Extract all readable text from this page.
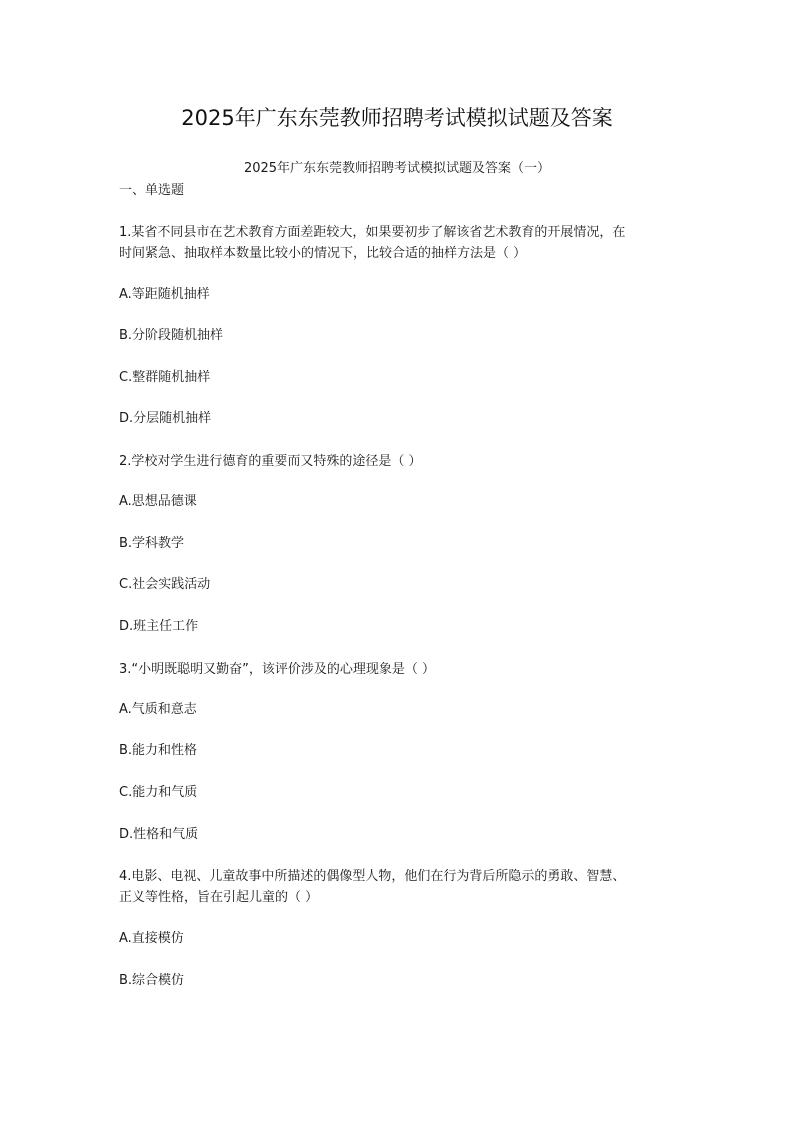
2025年广东东莞教师招聘考试模拟试题及答案
2025年广东东莞教师招聘考试模拟试题及答案（一）
一、单选题
1.某省不同县市在艺术教育方面差距较大，如果要初步了解该省艺术教育的开展情况，在
时间紧急、抽取样本数量比较小的情况下，比较合适的抽样方法是（ ）
A.等距随机抽样
B.分阶段随机抽样
C.整群随机抽样
D.分层随机抽样
2.学校对学生进行德育的重要而又特殊的途径是（ ）
A.思想品德课
B.学科教学
C.社会实践活动
D.班主任工作
3.“小明既聪明又勤奋”，该评价涉及的心理现象是（ ）
A.气质和意志
B.能力和性格
C.能力和气质
D.性格和气质
4.电影、电视、儿童故事中所描述的偶像型人物，他们在行为背后所隐示的勇敢、智慧、
正义等性格，旨在引起儿童的（ ）
A.直接模仿
B.综合模仿
